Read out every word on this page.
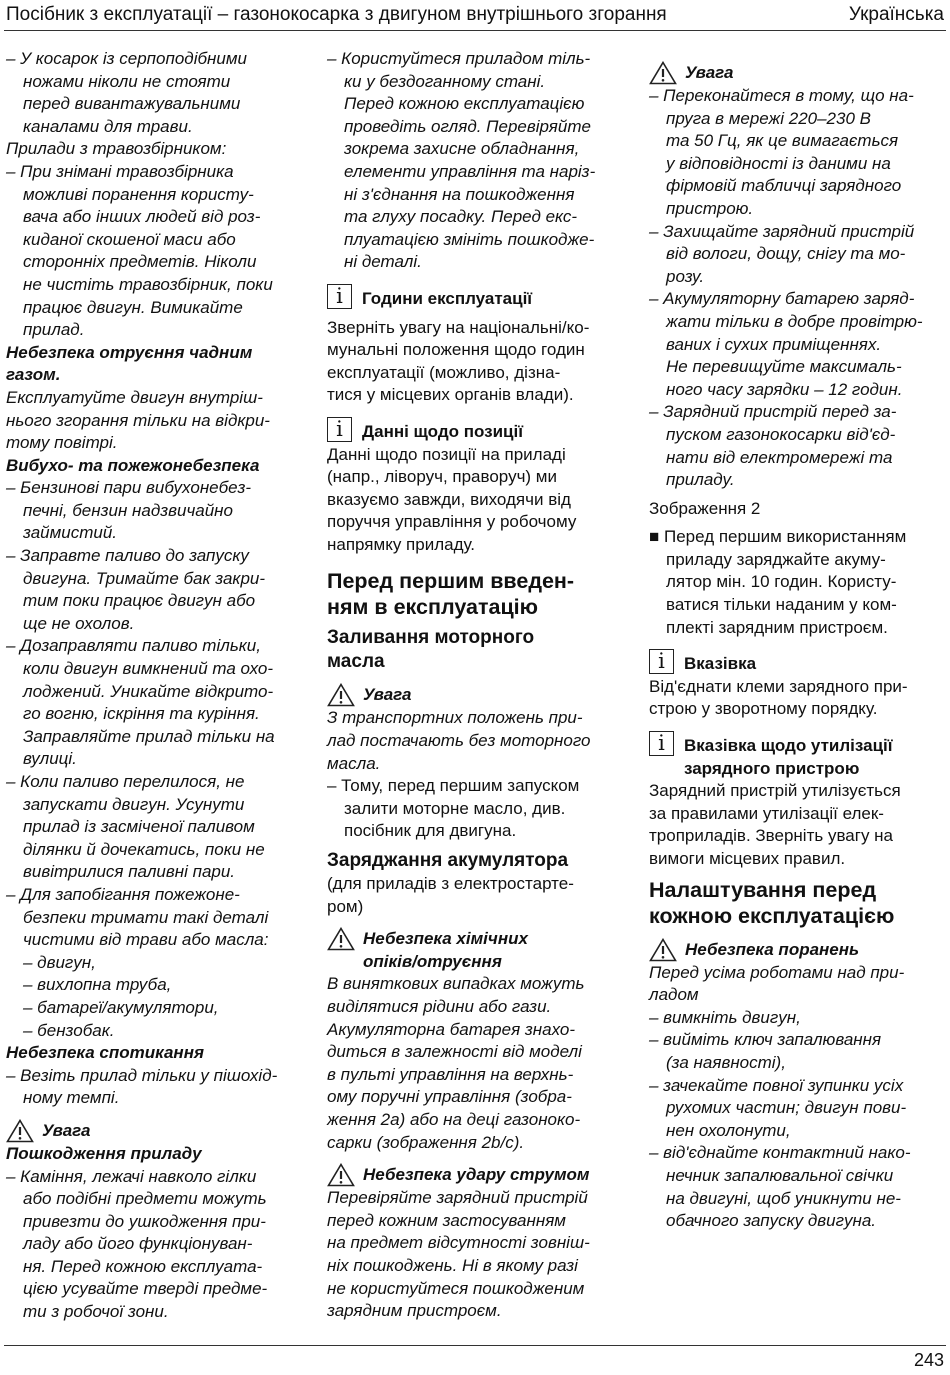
Посібник з експлуатації – газонокосарка з двигуном внутрішнього згорання	Українська

– У косарок із серпоподібними

ножами ніколи не стояти

перед вивантажувальними

каналами для трави.

Прилади з травозбірником:

– При знімані травозбірника

можливі поранення користу-

вача або інших людей від роз-

киданої скошеної маси або

сторонніх предметів. Ніколи

не чистіть травозбірник, поки

працює двигун. Вимикайте

прилад.

Небезпека отруєння чадним

газом.

Експлуатуйте двигун внутріш-

нього згорання тільки на відкри-

тому повітрі.

Вибухо- та пожежонебезпека

– Бензинові пари вибухонебез-

печні, бензин надзвичайно

займистий.

– Заправте паливо до запуску

двигуна. Тримайте бак закри-

тим поки працює двигун або

ще не охолов.

– Дозаправляти паливо тільки,

коли двигун вимкнений та охо-

лоджений. Уникайте відкрито-

го вогню, іскріння та куріння.

Заправляйте прилад тільки на

вулиці.

– Коли паливо перелилося, не

запускати двигун. Усунути

прилад із засміченої паливом

ділянки й дочекатись, поки не

вивітрилися паливні пари.

– Для запобігання пожежоне-

безпеки тримати такі деталі

чистими від трави або масла:

– двигун,

– вихлопна труба,

– батареї/акумулятори,

– бензобак.

Небезпека спотикання

– Везіть прилад тільки у пішохід-

ному темпі.

Увага

Пошкодження приладу

– Каміння, лежачі навколо гілки

або подібні предмети можуть

привезти до ушкодження при-

ладу або його функціонуван-

ня. Перед кожною експлуата-

цією усувайте тверді предме-

ти з робочої зони.

– Користуйтеся приладом тіль-

ки у бездоганному стані.

Перед кожною експлуатацією

проведіть огляд. Перевіряйте

зокрема захисне обладнання,

елементи управління та наріз-

ні з'єднання на пошкодження

та глуху посадку. Перед екс-

плуатацією змініть пошкодже-

ні деталі.

i	Години експлуатації

Зверніть увагу на національні/ко-

мунальні положення щодо годин

експлуатації (можливо, дізна-

тися у місцевих органів влади).

i	Данні щодо позиції

Данні щодо позиції на приладі

(напр., ліворуч, праворуч) ми

вказуємо завжди, виходячи від

поруччя управління у робочому

напрямку приладу.

Перед першим введен-

ням в експлуатацію

Заливання моторного

масла

Увага

З транспортних положень при-

лад постачають без моторного

масла.

– Тому, перед першим запуском

залити моторне масло, див.

посібник для двигуна.

Заряджання акумулятора

(для приладів з електростарте-

ром)

Небезпека хімічних
опіків/отруєння

В виняткових випадках можуть

виділятися рідини або гази.

Акумуляторна батарея знахо-

диться в залежності від моделі

в пульті управління на верхнь-

ому поручні управління (зобра-

ження 2а) або на деці газоноко-

сарки (зображення 2b/c).

Небезпека удару струмом

Перевіряйте зарядний пристрій

перед кожним застосуванням

на предмет відсутності зовніш-

ніх пошкоджень. Ні в якому разі

не користуйтеся пошкодженим

зарядним пристроєм.

Увага

– Переконайтеся в тому, що на-

пруга в мережі 220–230 В

та 50 Гц, як це вимагається

у відповідності із даними на

фірмовій табличці зарядного

пристрою.

– Захищайте зарядний пристрій

від вологи, дощу, снігу та мо-

розу.

– Акумуляторну батарею заряд-

жати тільки в добре провітрю-

ваних і сухих приміщеннях.

Не перевищуйте максималь-

ного часу зарядки – 12 годин.

– Зарядний пристрій перед за-

пуском газонокосарки від'єд-

нати від електромережі та

приладу.

Зображення 2

■ Перед першим використанням

приладу заряджайте акуму-

лятор мін. 10 годин. Користу-

ватися тільки наданим у ком-

плекті зарядним пристроєм.

i	Вказівка

Від'єднати клеми зарядного при-

строю у зворотному порядку.

i	Вказівка щодо утилізації
зарядного пристрою

Зарядний пристрій утилізується

за правилами утилізації елек-

троприладів. Зверніть увагу на

вимоги місцевих правил.

Налаштування перед

кожною експлуатацією

Небезпека поранень

Перед усіма роботами над при-

ладом

– вимкніть двигун,

– вийміть ключ запалювання

(за наявності),

– зачекайте повної зупинки усіх

рухомих частин; двигун пови-

нен охолонути,

– від'єднайте контактний нако-

нечник запалювальної свічки

на двигуні, щоб уникнути не-

обачного запуску двигуна.

243
